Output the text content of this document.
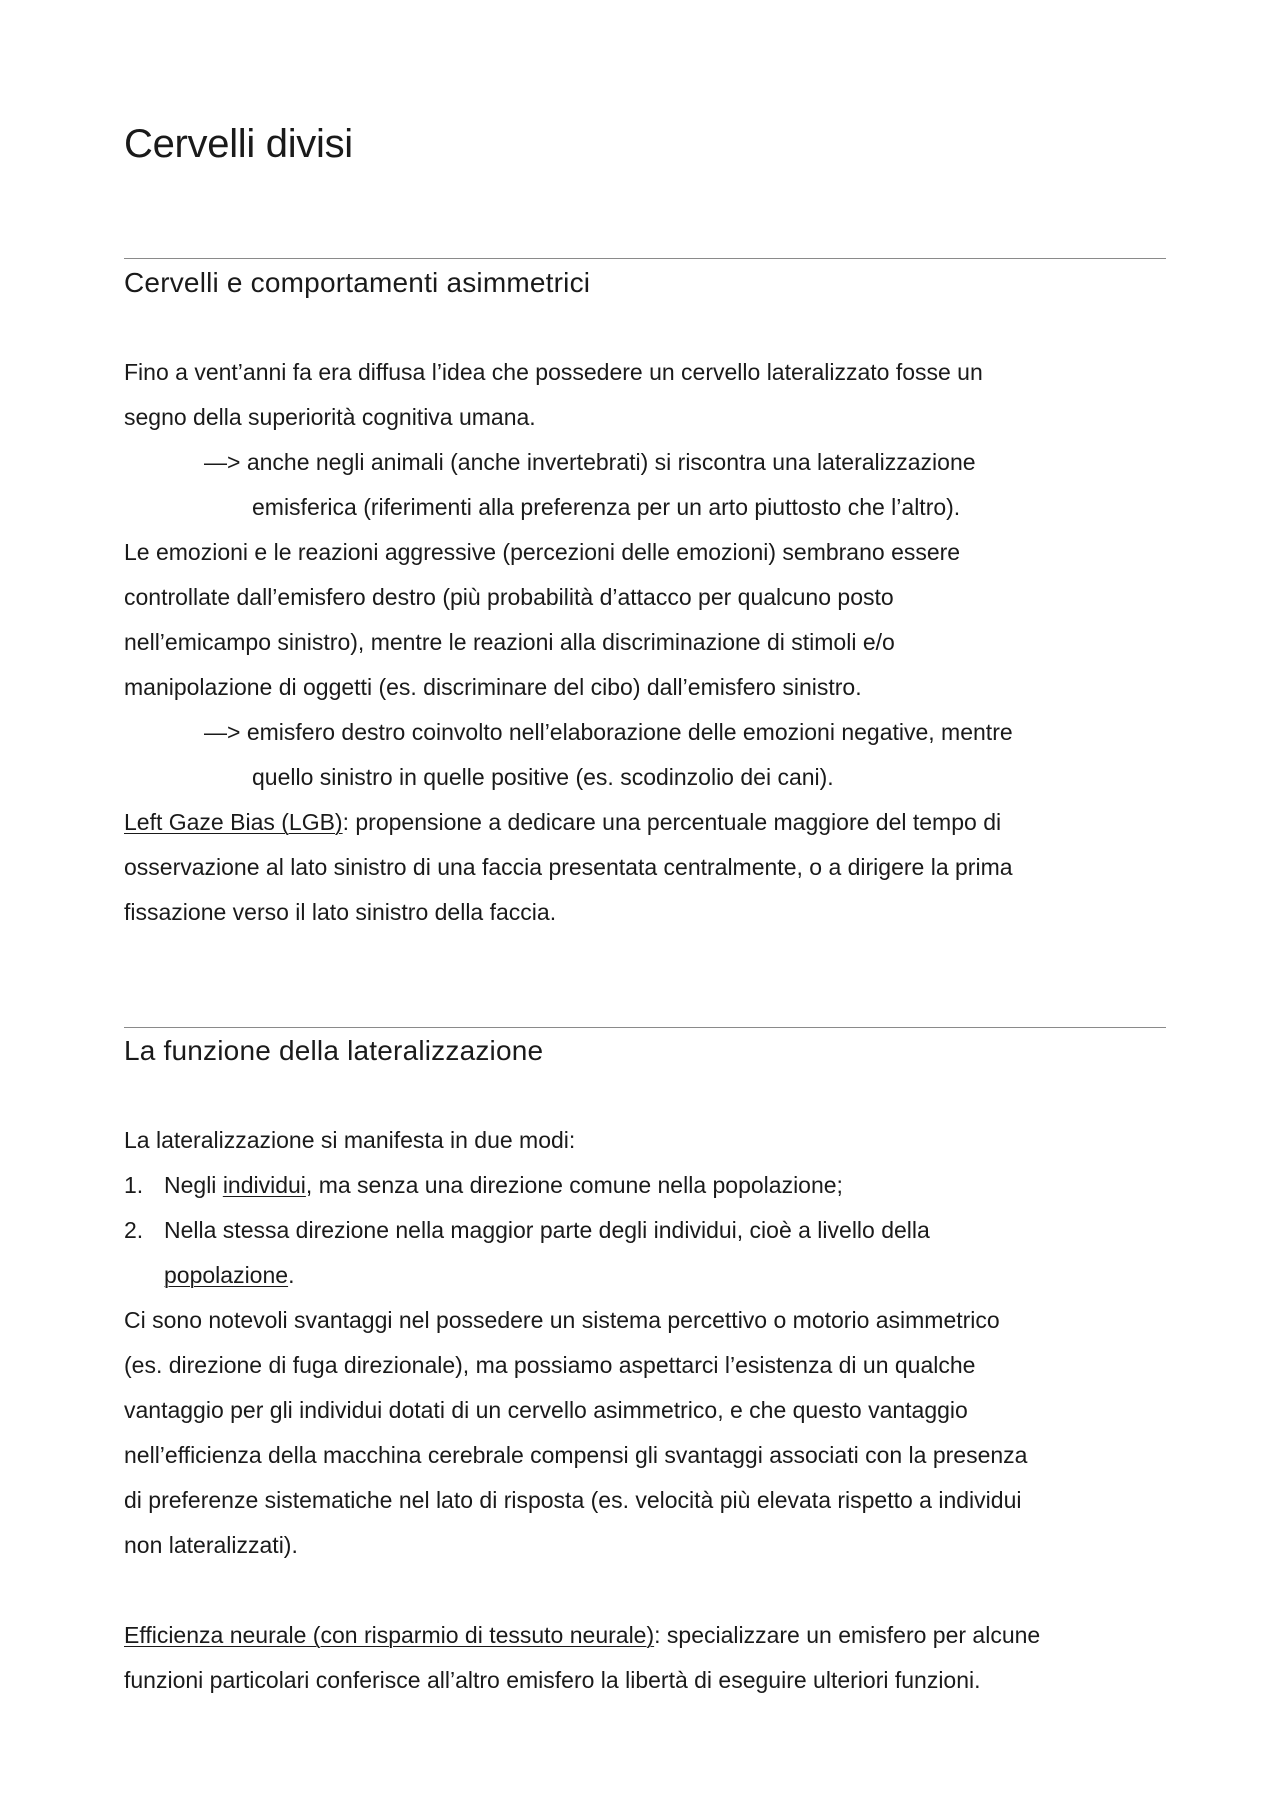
Cervelli divisi
Cervelli e comportamenti asimmetrici
Fino a vent’anni fa era diffusa l’idea che possedere un cervello lateralizzato fosse un
segno della superiorità cognitiva umana.
—> anche negli animali (anche invertebrati) si riscontra una lateralizzazione
emisferica (riferimenti alla preferenza per un arto piuttosto che l’altro).
Le emozioni e le reazioni aggressive (percezioni delle emozioni) sembrano essere
controllate dall’emisfero destro (più probabilità d’attacco per qualcuno posto
nell’emicampo sinistro), mentre le reazioni alla discriminazione di stimoli e/o
manipolazione di oggetti (es. discriminare del cibo) dall’emisfero sinistro.
—> emisfero destro coinvolto nell’elaborazione delle emozioni negative, mentre
quello sinistro in quelle positive (es. scodinzolio dei cani).
Left Gaze Bias (LGB): propensione a dedicare una percentuale maggiore del tempo di
osservazione al lato sinistro di una faccia presentata centralmente, o a dirigere la prima
fissazione verso il lato sinistro della faccia.
La funzione della lateralizzazione
La lateralizzazione si manifesta in due modi:
1. Negli individui, ma senza una direzione comune nella popolazione;
2. Nella stessa direzione nella maggior parte degli individui, cioè a livello della
popolazione.
Ci sono notevoli svantaggi nel possedere un sistema percettivo o motorio asimmetrico
(es. direzione di fuga direzionale), ma possiamo aspettarci l’esistenza di un qualche
vantaggio per gli individui dotati di un cervello asimmetrico, e che questo vantaggio
nell’efficienza della macchina cerebrale compensi gli svantaggi associati con la presenza
di preferenze sistematiche nel lato di risposta (es. velocità più elevata rispetto a individui
non lateralizzati).
Efficienza neurale (con risparmio di tessuto neurale): specializzare un emisfero per alcune
funzioni particolari conferisce all’altro emisfero la libertà di eseguire ulteriori funzioni.
